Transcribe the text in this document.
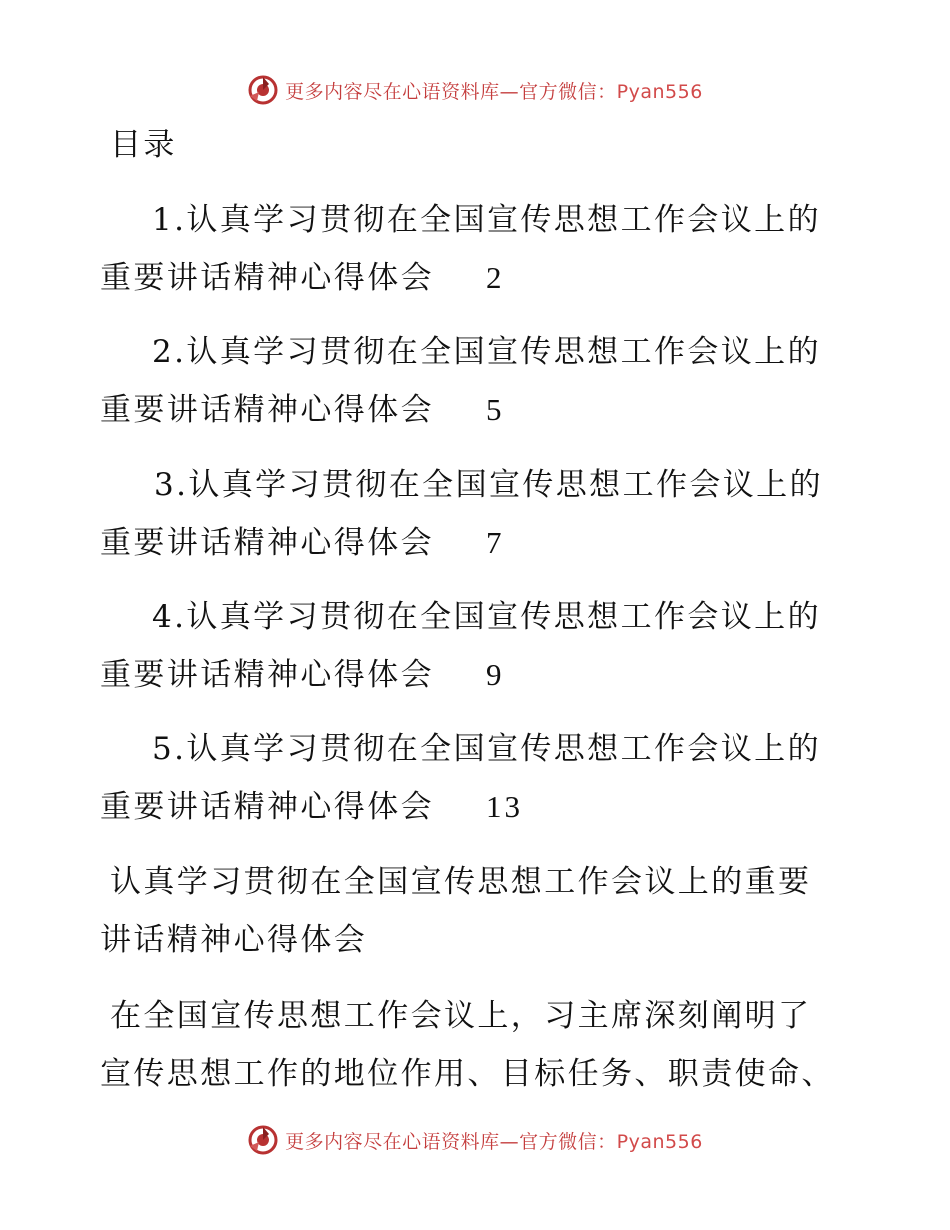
更多内容尽在心语资料库—官方微信：Pyan556
目录
1.认真学习贯彻在全国宣传思想工作会议上的
重要讲话精神心得体会 2
2.认真学习贯彻在全国宣传思想工作会议上的
重要讲话精神心得体会 5
3.认真学习贯彻在全国宣传思想工作会议上的
重要讲话精神心得体会 7
4.认真学习贯彻在全国宣传思想工作会议上的
重要讲话精神心得体会 9
5.认真学习贯彻在全国宣传思想工作会议上的
重要讲话精神心得体会 13
认真学习贯彻在全国宣传思想工作会议上的重要
讲话精神心得体会
在全国宣传思想工作会议上，习主席深刻阐明了
宣传思想工作的地位作用、目标任务、职责使命、
更多内容尽在心语资料库—官方微信：Pyan556
